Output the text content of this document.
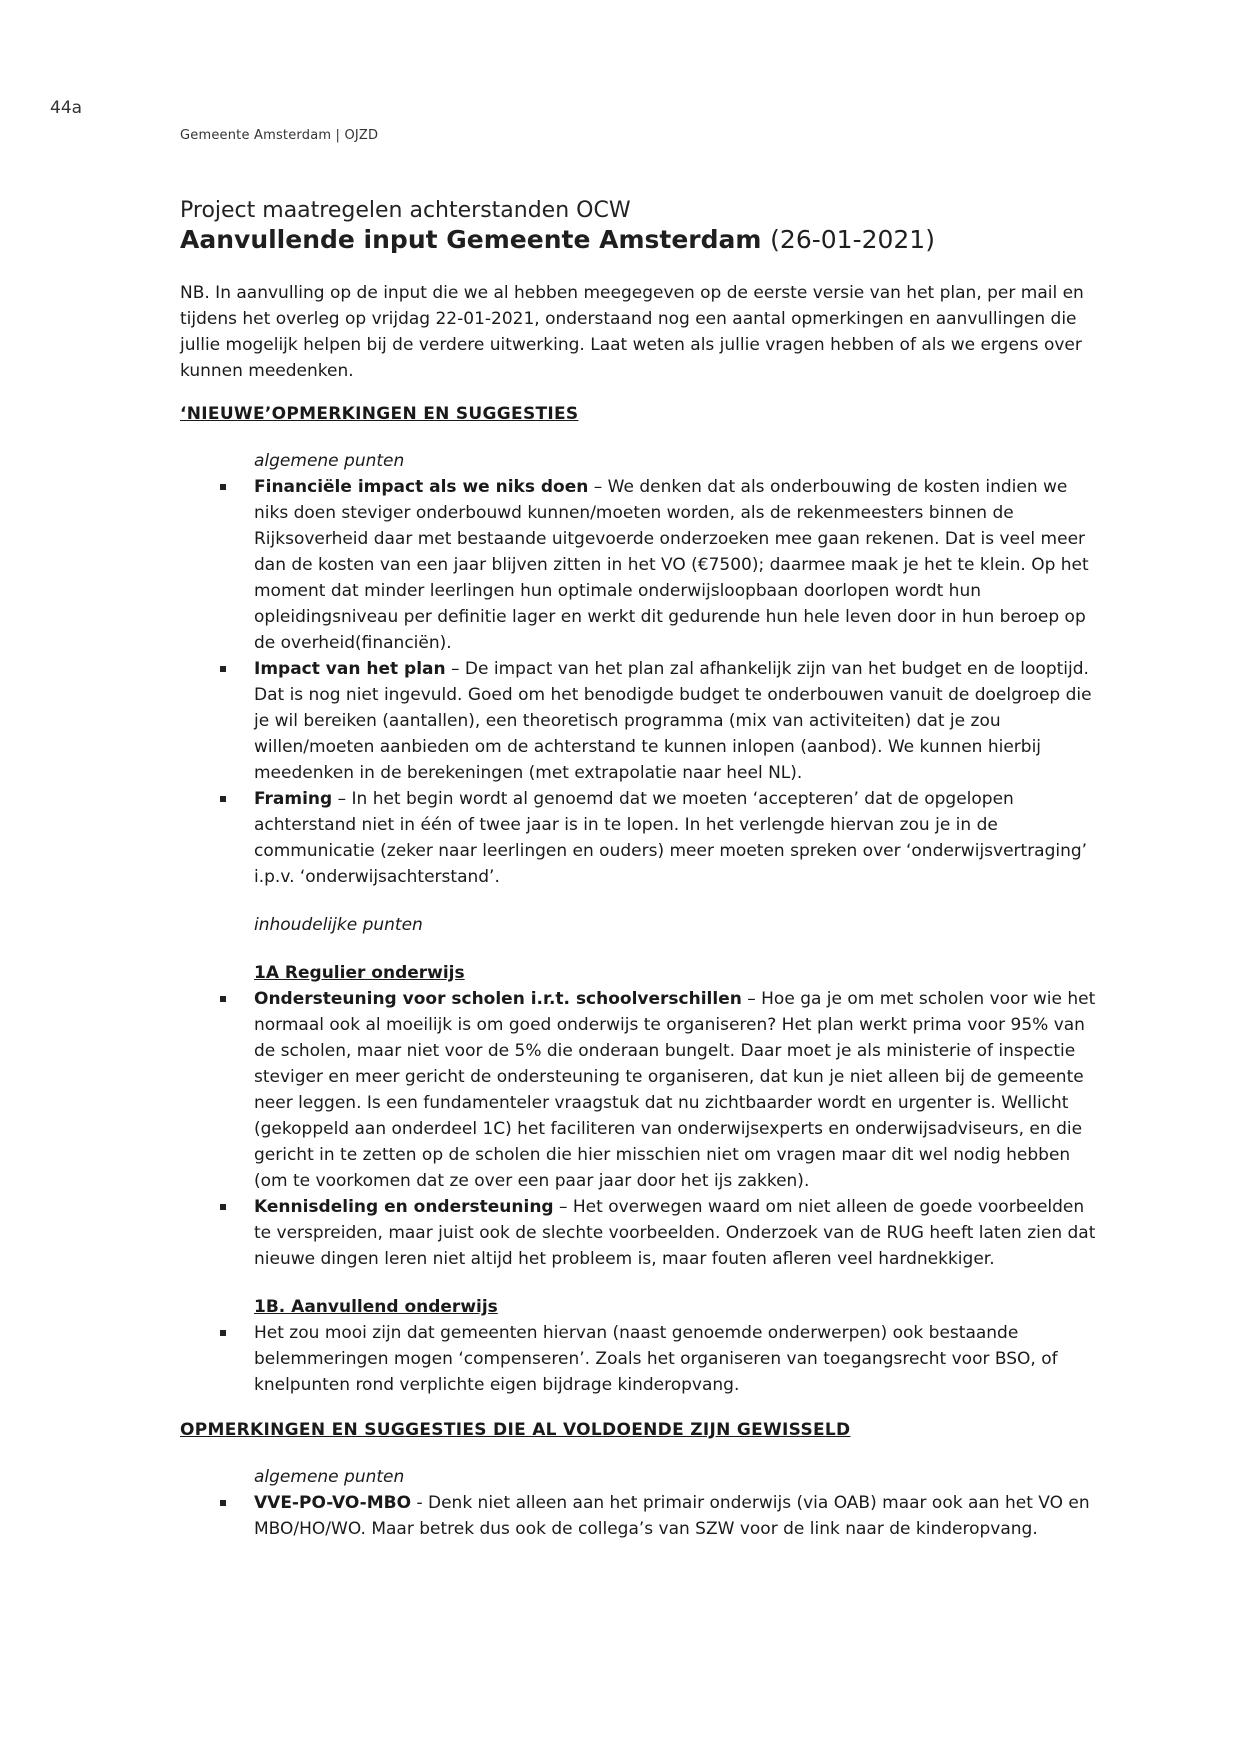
44a
Gemeente Amsterdam | OJZD
Project maatregelen achterstanden OCW
Aanvullende input Gemeente Amsterdam (26-01-2021)

NB. In aanvulling op de input die we al hebben meegegeven op de eerste versie van het plan, per mail en tijdens het overleg op vrijdag 22-01-2021, onderstaand nog een aantal opmerkingen en aanvullingen die jullie mogelijk helpen bij de verdere uitwerking. Laat weten als jullie vragen hebben of als we ergens over kunnen meedenken.

‘NIEUWE’OPMERKINGEN EN SUGGESTIES
algemene punten
Financiële impact als we niks doen – We denken dat als onderbouwing de kosten indien we niks doen steviger onderbouwd kunnen/moeten worden, als de rekenmeesters binnen de Rijksoverheid daar met bestaande uitgevoerde onderzoeken mee gaan rekenen. Dat is veel meer dan de kosten van een jaar blijven zitten in het VO (€7500); daarmee maak je het te klein. Op het moment dat minder leerlingen hun optimale onderwijsloopbaan doorlopen wordt hun opleidingsniveau per definitie lager en werkt dit gedurende hun hele leven door in hun beroep op de overheid(financiën).
Impact van het plan – De impact van het plan zal afhankelijk zijn van het budget en de looptijd. Dat is nog niet ingevuld. Goed om het benodigde budget te onderbouwen vanuit de doelgroep die je wil bereiken (aantallen), een theoretisch programma (mix van activiteiten) dat je zou willen/moeten aanbieden om de achterstand te kunnen inlopen (aanbod). We kunnen hierbij meedenken in de berekeningen (met extrapolatie naar heel NL).
Framing – In het begin wordt al genoemd dat we moeten ‘accepteren’ dat de opgelopen achterstand niet in één of twee jaar is in te lopen. In het verlengde hiervan zou je in de communicatie (zeker naar leerlingen en ouders) meer moeten spreken over ‘onderwijsvertraging’ i.p.v. ‘onderwijsachterstand’.
inhoudelijke punten
1A Regulier onderwijs
Ondersteuning voor scholen i.r.t. schoolverschillen – Hoe ga je om met scholen voor wie het normaal ook al moeilijk is om goed onderwijs te organiseren? Het plan werkt prima voor 95% van de scholen, maar niet voor de 5% die onderaan bungelt. Daar moet je als ministerie of inspectie steviger en meer gericht de ondersteuning te organiseren, dat kun je niet alleen bij de gemeente neer leggen. Is een fundamenteler vraagstuk dat nu zichtbaarder wordt en urgenter is. Wellicht (gekoppeld aan onderdeel 1C) het faciliteren van onderwijsexperts en onderwijsadviseurs, en die gericht in te zetten op de scholen die hier misschien niet om vragen maar dit wel nodig hebben (om te voorkomen dat ze over een paar jaar door het ijs zakken).
Kennisdeling en ondersteuning – Het overwegen waard om niet alleen de goede voorbeelden te verspreiden, maar juist ook de slechte voorbeelden. Onderzoek van de RUG heeft laten zien dat nieuwe dingen leren niet altijd het probleem is, maar fouten afleren veel hardnekkiger.
1B. Aanvullend onderwijs
Het zou mooi zijn dat gemeenten hiervan (naast genoemde onderwerpen) ook bestaande belemmeringen mogen ‘compenseren’. Zoals het organiseren van toegangsrecht voor BSO, of knelpunten rond verplichte eigen bijdrage kinderopvang.
OPMERKINGEN EN SUGGESTIES DIE AL VOLDOENDE ZIJN GEWISSELD
algemene punten
VVE-PO-VO-MBO - Denk niet alleen aan het primair onderwijs (via OAB) maar ook aan het VO en MBO/HO/WO. Maar betrek dus ook de collega’s van SZW voor de link naar de kinderopvang.
